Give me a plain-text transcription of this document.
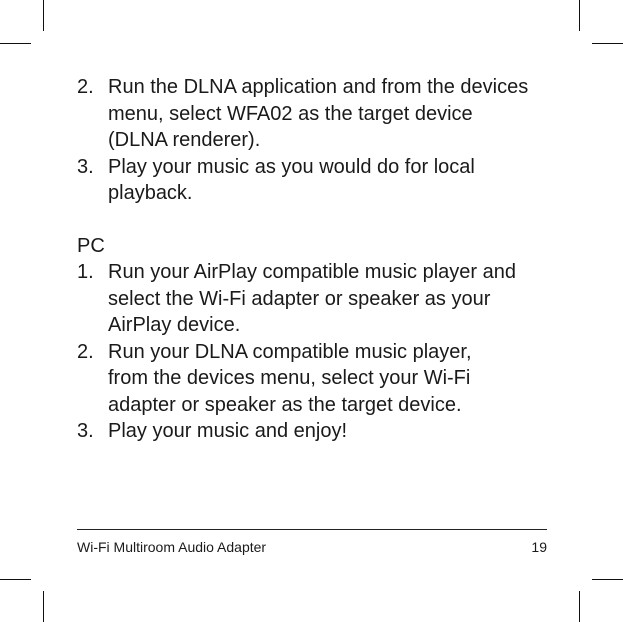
2. Run the DLNA application and from the devices
menu, select WFA02 as the target device
(DLNA renderer).
3. Play your music as you would do for local
playback.
PC
1. Run your AirPlay compatible music player and
select the Wi-Fi adapter or speaker as your
AirPlay device.
2. Run your DLNA compatible music player,
from the devices menu, select your Wi-Fi
adapter or speaker as the target device.
3. Play your music and enjoy!
Wi-Fi Multiroom Audio Adapter	19
